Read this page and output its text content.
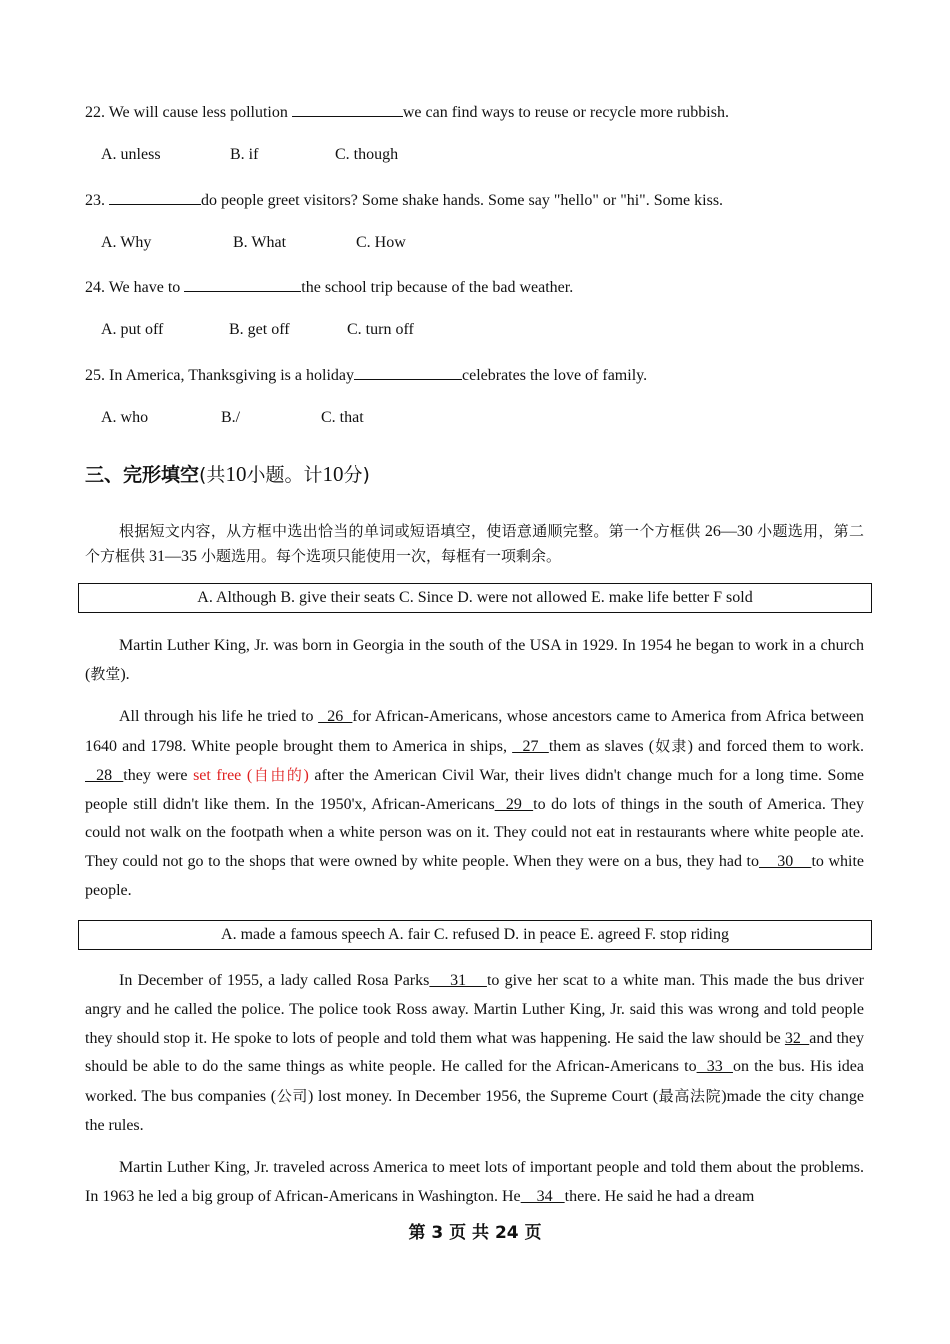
22. We will cause less pollution	we can find ways to reuse or recycle more rubbish.
A. unless	B. if	C. though
23.	do people greet visitors? Some shake hands. Some say "hello" or "hi". Some kiss.
A. Why	B. What	C. How
24. We have to	the school trip because of the bad weather.
A. put off	B. get off	C. turn off
25. In America, Thanksgiving is a holiday	celebrates the love of family.
A. who	B./	C. that
三、完形填空(共10小题。计10分)

根据短文内容，从方框中选出恰当的单词或短语填空，使语意通顺完整。第一个方框供 26—30 小题选用，第二个方框供 31—35 小题选用。每个选项只能使用一次，每框有一项剩余。

A. Although B. give their seats C. Since D. were not allowed E. make life better F sold

Martin Luther King, Jr. was born in Georgia in the south of the USA in 1929. In 1954 he began to work in a church (教堂).

All through his life he tried to   26  for African-Americans, whose ancestors came to America from Africa between 1640 and 1798. White people brought them to America in ships,   27  them as slaves (奴隶) and forced them to work.   28  they were set free (自由的) after the American Civil War, their lives didn't change much for a long time. Some people still didn't like them. In the 1950'x, African-Americans  29  to do lots of things in the south of America. They could not walk on the footpath when a white person was on it. They could not eat in restaurants where white people ate. They could not go to the shops that were owned by white people. When they were on a bus, they had to    30    to white people.

A. made a famous speech A. fair C. refused D. in peace E. agreed F. stop riding

In December of 1955, a lady called Rosa Parks    31    to give her scat to a white man. This made the bus driver angry and he called the police. The police took Ross away. Martin Luther King, Jr. said this was wrong and told people they should stop it. He spoke to lots of people and told them what was happening. He said the law should be 32  and they should be able to do the same things as white people. He called for the African-Americans to  33  on the bus. His idea worked. The bus companies (公司) lost money. In December 1956, the Supreme Court (最高法院)made the city change the rules.

Martin Luther King, Jr. traveled across America to meet lots of important people and told them about the problems. In 1963 he led a big group of African-Americans in Washington. He    34   there. He said he had a dream

第 3 页 共 24 页
